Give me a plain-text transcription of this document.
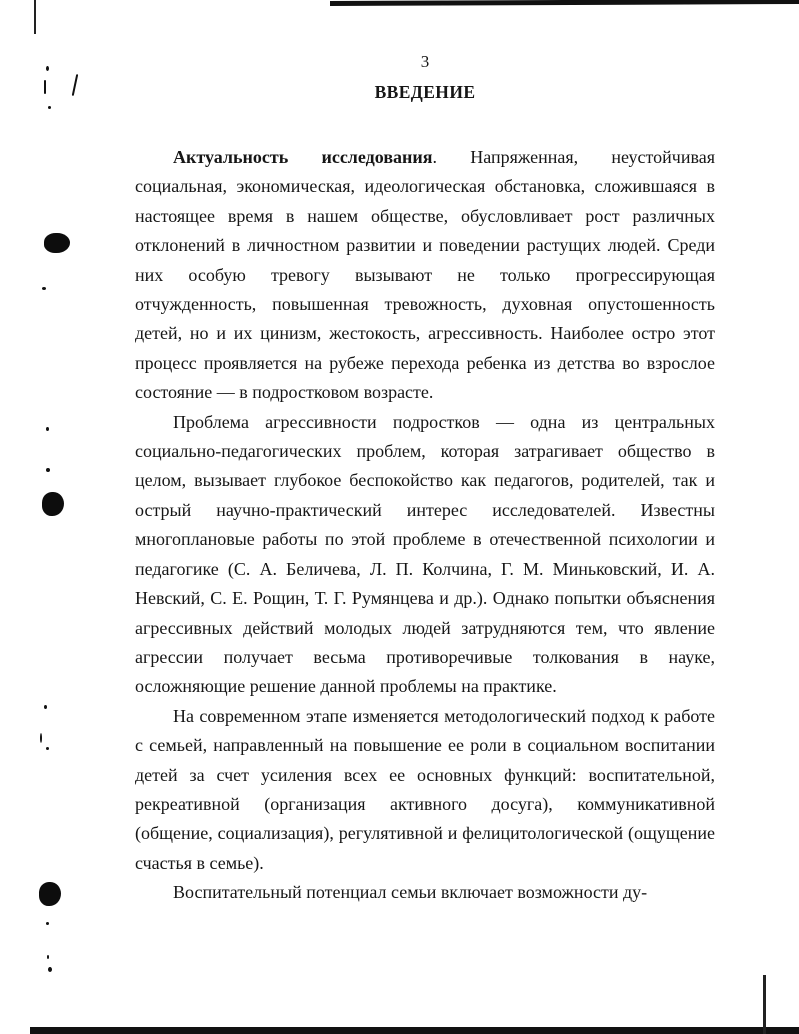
3
ВВЕДЕНИЕ

Актуальность исследования. Напряженная, неустойчивая социальная, экономическая, идеологическая обстановка, сложившаяся в настоящее время в нашем обществе, обусловливает рост различных отклонений в личностном развитии и поведении растущих людей. Среди них особую тревогу вызывают не только прогрессирующая отчужденность, повышенная тревожность, духовная опустошенность детей, но и их цинизм, жестокость, агрессивность. Наиболее остро этот процесс проявляется на рубеже перехода ребенка из детства во взрослое состояние — в подростковом возрасте.

Проблема агрессивности подростков — одна из центральных социально-педагогических проблем, которая затрагивает общество в целом, вызывает глубокое беспокойство как педагогов, родителей, так и острый научно-практический интерес исследователей. Известны многоплановые работы по этой проблеме в отечественной психологии и педагогике (С. А. Беличева, Л. П. Колчина, Г. М. Миньковский, И. А. Невский, С. Е. Рощин, Т. Г. Румянцева и др.). Однако попытки объяснения агрессивных действий молодых людей затрудняются тем, что явление агрессии получает весьма противоречивые толкования в науке, осложняющие решение данной проблемы на практике.

На современном этапе изменяется методологический подход к работе с семьей, направленный на повышение ее роли в социальном воспитании детей за счет усиления всех ее основных функций: воспитательной, рекреативной (организация активного досуга), коммуникативной (общение, социализация), регулятивной и фелицитологической (ощущение счастья в семье).

Воспитательный потенциал семьи включает возможности ду-
